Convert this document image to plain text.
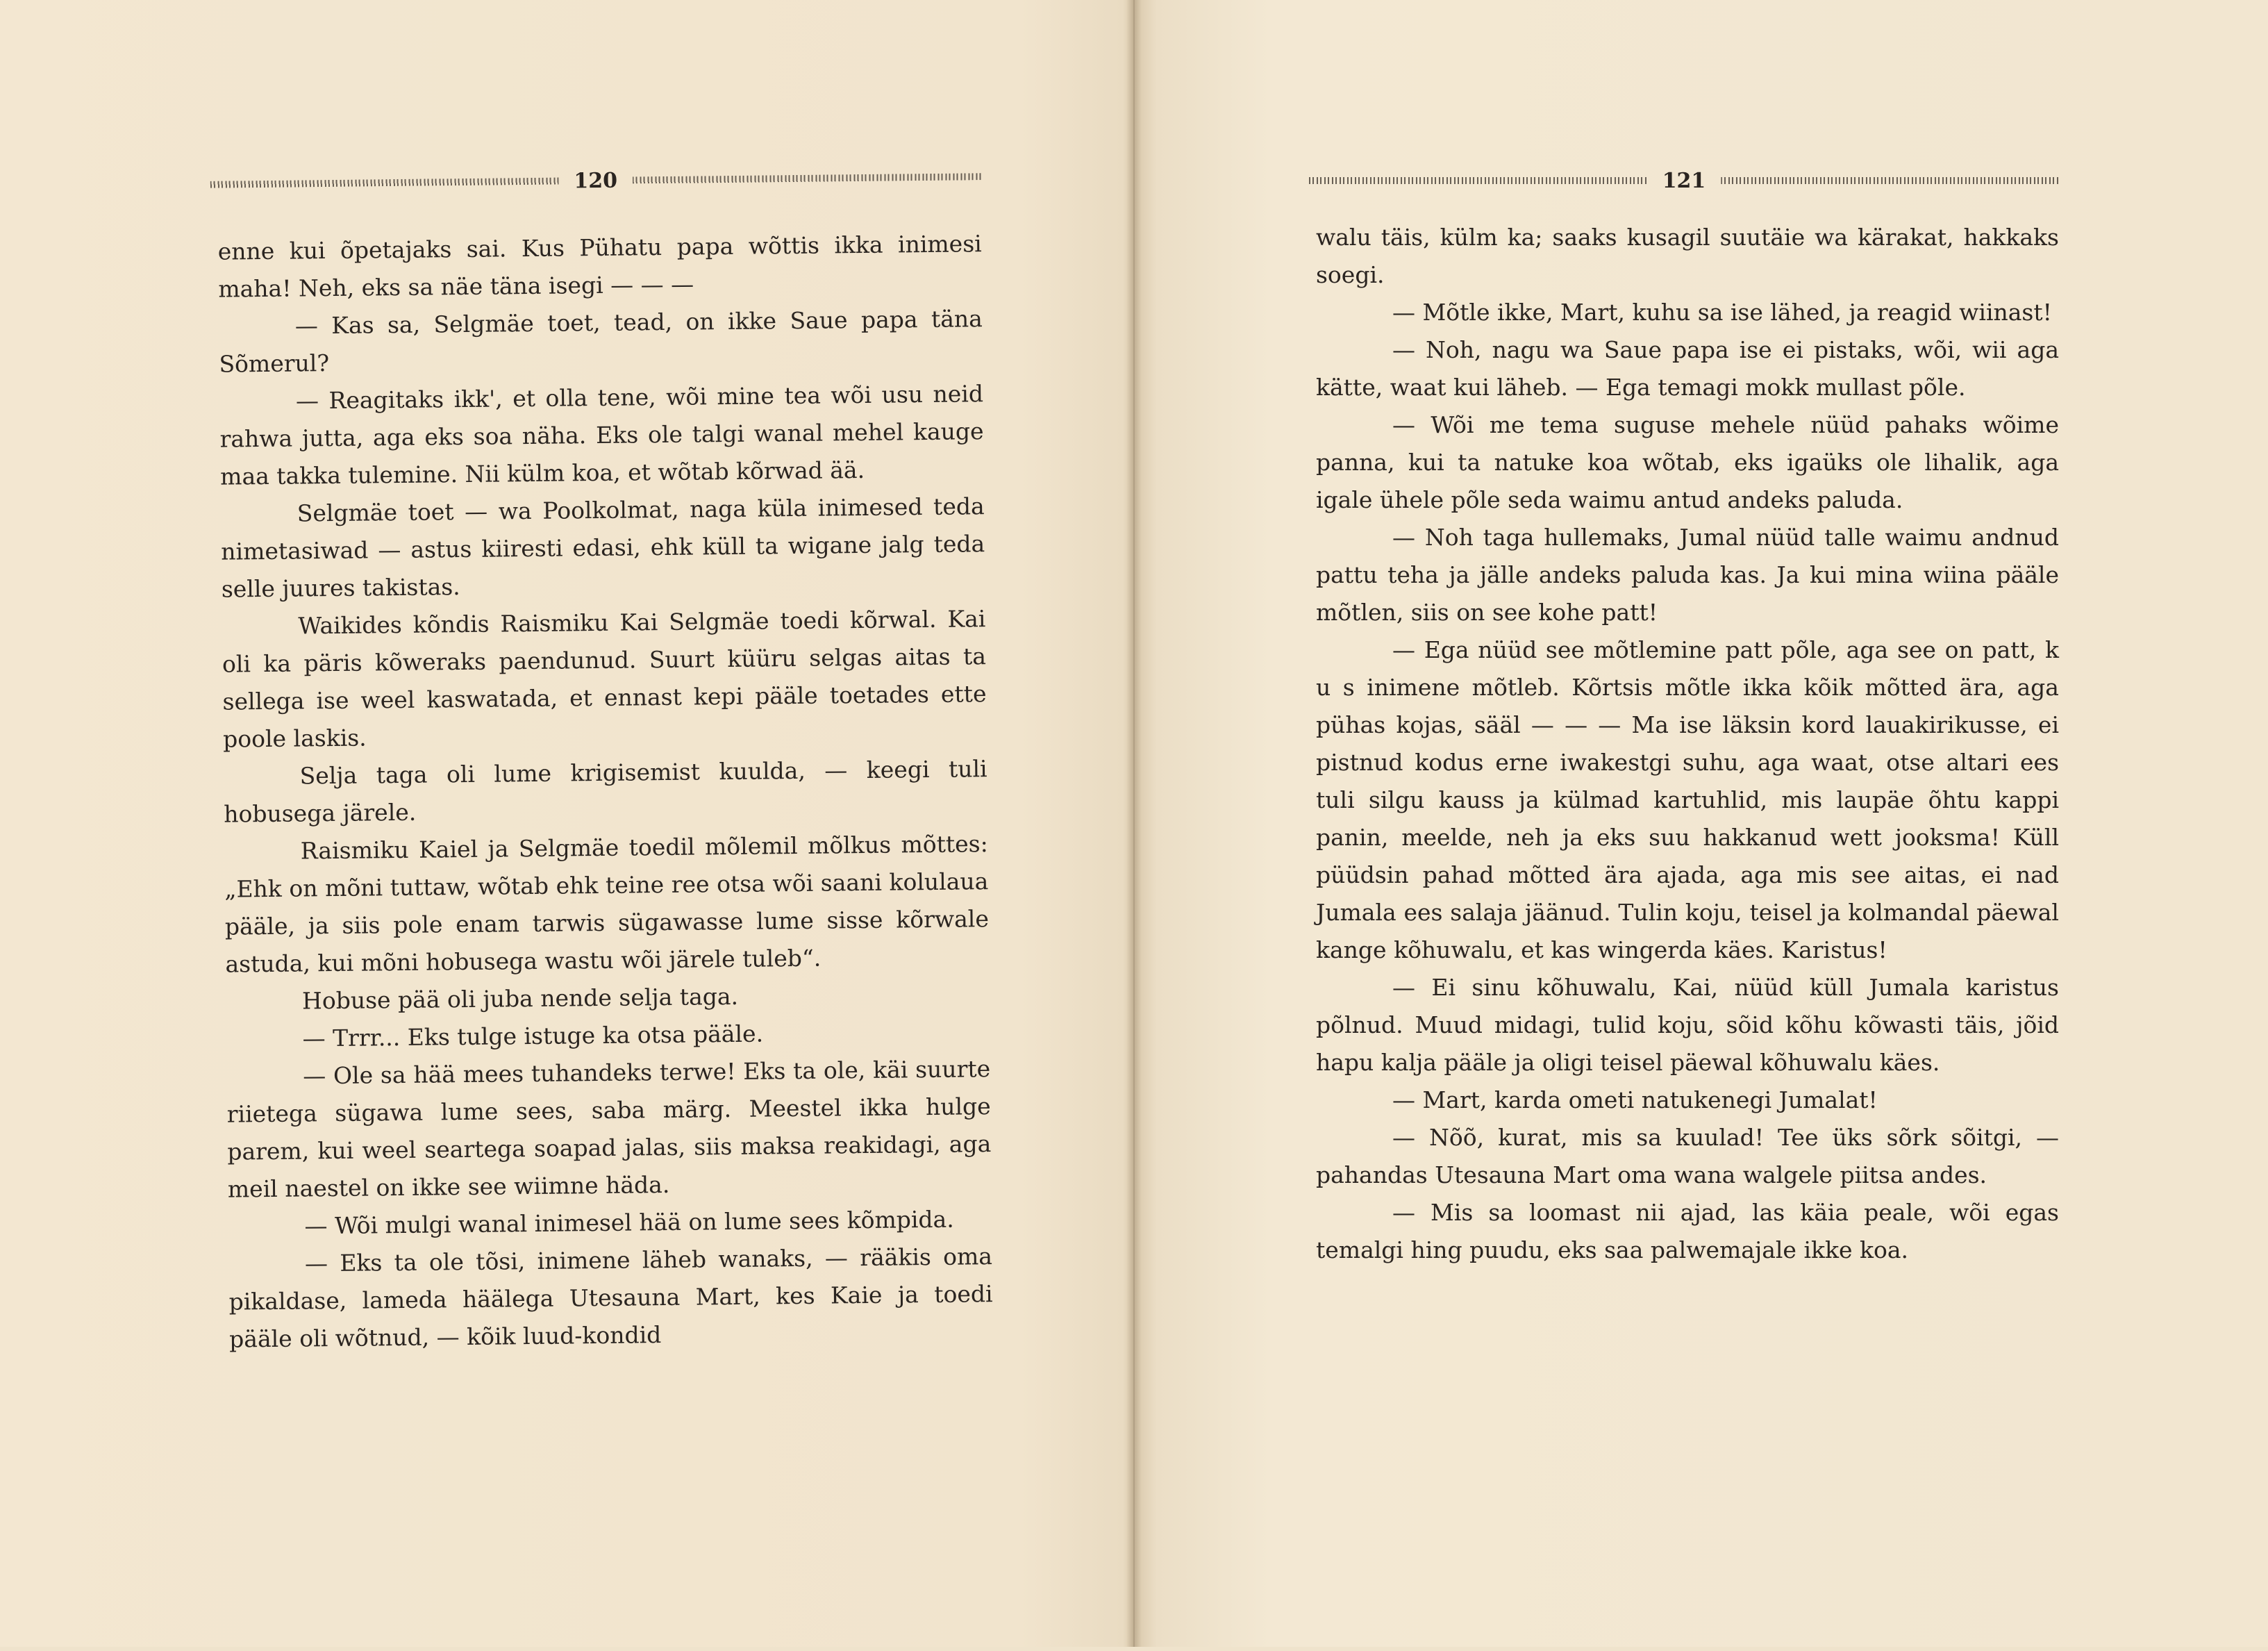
120

enne kui õpetajaks sai. Kus Pühatu papa wõttis ikka inimesi maha! Neh, eks sa näe täna isegi — — —

— Kas sa, Selgmäe toet, tead, on ikke Saue papa täna Sõmerul?

— Reagitaks ikk', et olla tene, wõi mine tea wõi usu neid rahwa jutta, aga eks soa näha. Eks ole talgi wanal mehel kauge maa takka tulemine. Nii külm koa, et wõtab kõrwad ää.

Selgmäe toet — wa Poolkolmat, naga küla inimesed teda nimetasiwad — astus kiiresti edasi, ehk küll ta wigane jalg teda selle juures takistas.

Waikides kõndis Raismiku Kai Selgmäe toedi kõrwal. Kai oli ka päris kõweraks paendunud. Suurt küüru selgas aitas ta sellega ise weel kaswatada, et ennast kepi pääle toetades ette poole laskis.

Selja taga oli lume krigisemist kuulda, — keegi tuli hobusega järele.

Raismiku Kaiel ja Selgmäe toedil mõlemil mõlkus mõttes: „Ehk on mõni tuttaw, wõtab ehk teine ree otsa wõi saani kolulaua pääle, ja siis pole enam tarwis sügawasse lume sisse kõrwale astuda, kui mõni hobusega wastu wõi järele tuleb“.

Hobuse pää oli juba nende selja taga.

— Trrr... Eks tulge istuge ka otsa pääle.

— Ole sa hää mees tuhandeks terwe! Eks ta ole, käi suurte riietega sügawa lume sees, saba märg. Meestel ikka hulge parem, kui weel seartega soapad jalas, siis maksa reakidagi, aga meil naestel on ikke see wiimne häda.

— Wõi mulgi wanal inimesel hää on lume sees kõmpida.

— Eks ta ole tõsi, inimene läheb wanaks, — rääkis oma pikaldase, lameda häälega Utesauna Mart, kes Kaie ja toedi pääle oli wõtnud, — kõik luud-kondid

121

walu täis, külm ka; saaks kusagil suutäie wa kärakat, hakkaks soegi.

— Mõtle ikke, Mart, kuhu sa ise lähed, ja reagid wiinast!

— Noh, nagu wa Saue papa ise ei pistaks, wõi, wii aga kätte, waat kui läheb. — Ega temagi mokk mullast põle.

— Wõi me tema suguse mehele nüüd pahaks wõime panna, kui ta natuke koa wõtab, eks igaüks ole lihalik, aga igale ühele põle seda waimu antud andeks paluda.

— Noh taga hullemaks, Jumal nüüd talle waimu andnud pattu teha ja jälle andeks paluda kas. Ja kui mina wiina pääle mõtlen, siis on see kohe patt!

— Ega nüüd see mõtlemine patt põle, aga see on patt, k u s inimene mõtleb. Kõrtsis mõtle ikka kõik mõtted ära, aga pühas kojas, sääl — — — Ma ise läksin kord lauakirikusse, ei pistnud kodus erne iwakestgi suhu, aga waat, otse altari ees tuli silgu kauss ja külmad kartuhlid, mis laupäe õhtu kappi panin, meelde, neh ja eks suu hakkanud wett jooksma! Küll püüdsin pahad mõtted ära ajada, aga mis see aitas, ei nad Jumala ees salaja jäänud. Tulin koju, teisel ja kolmandal päewal kange kõhuwalu, et kas wingerda käes. Karistus!

— Ei sinu kõhuwalu, Kai, nüüd küll Jumala karistus põlnud. Muud midagi, tulid koju, sõid kõhu kõwasti täis, jõid hapu kalja pääle ja oligi teisel päewal kõhuwalu käes.

— Mart, karda ometi natukenegi Jumalat!

— Nõõ, kurat, mis sa kuulad! Tee üks sõrk sõitgi, — pahandas Utesauna Mart oma wana walgele piitsa andes.

— Mis sa loomast nii ajad, las käia peale, wõi egas temalgi hing puudu, eks saa palwemajale ikke koa.
